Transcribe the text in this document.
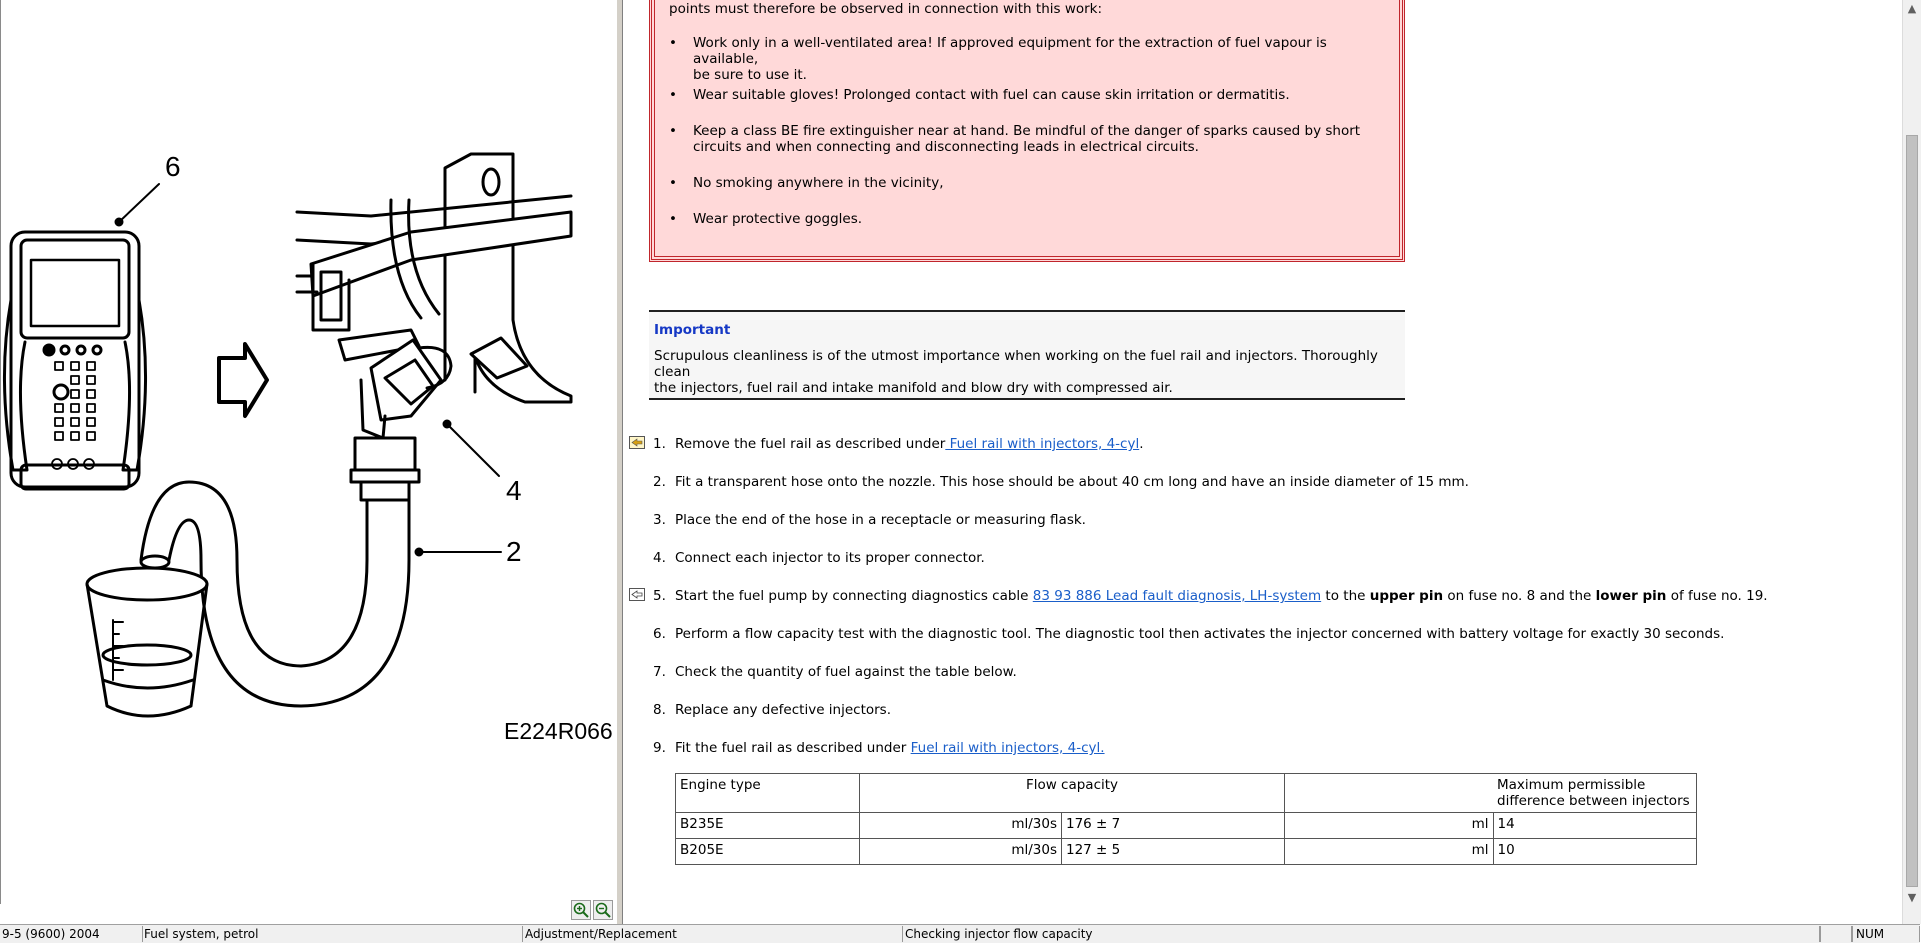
6
4
2
E224R066
points must therefore be observed in connection with this work:
• Work only in a well-ventilated area! If approved equipment for the extraction of fuel vapour is available,
be sure to use it.
• Wear suitable gloves! Prolonged contact with fuel can cause skin irritation or dermatitis.
• Keep a class BE fire extinguisher near at hand. Be mindful of the danger of sparks caused by short
circuits and when connecting and disconnecting leads in electrical circuits.
• No smoking anywhere in the vicinity,
• Wear protective goggles.
Important
Scrupulous cleanliness is of the utmost importance when working on the fuel rail and injectors. Thoroughly clean
the injectors, fuel rail and intake manifold and blow dry with compressed air.
1. Remove the fuel rail as described under Fuel rail with injectors, 4-cyl.
2. Fit a transparent hose onto the nozzle. This hose should be about 40 cm long and have an inside diameter of 15 mm.
3. Place the end of the hose in a receptacle or measuring flask.
4. Connect each injector to its proper connector.
5. Start the fuel pump by connecting diagnostics cable 83 93 886 Lead fault diagnosis, LH-system to the upper pin on fuse no. 8 and the lower pin of fuse no. 19.
6. Perform a flow capacity test with the diagnostic tool. The diagnostic tool then activates the injector concerned with battery voltage for exactly 30 seconds.
7. Check the quantity of fuel against the table below.
8. Replace any defective injectors.
9. Fit the fuel rail as described under Fuel rail with injectors, 4-cyl.
Engine type	Flow capacity			Maximum permissible
difference between injectors

B235E	ml/30s	176 ± 7	ml	14
B205E	ml/30s	127 ± 5	ml	10
▲
▼
9-5 (9600) 2004	Fuel system, petrol	Adjustment/Replacement	Checking injector flow capacity	NUM
